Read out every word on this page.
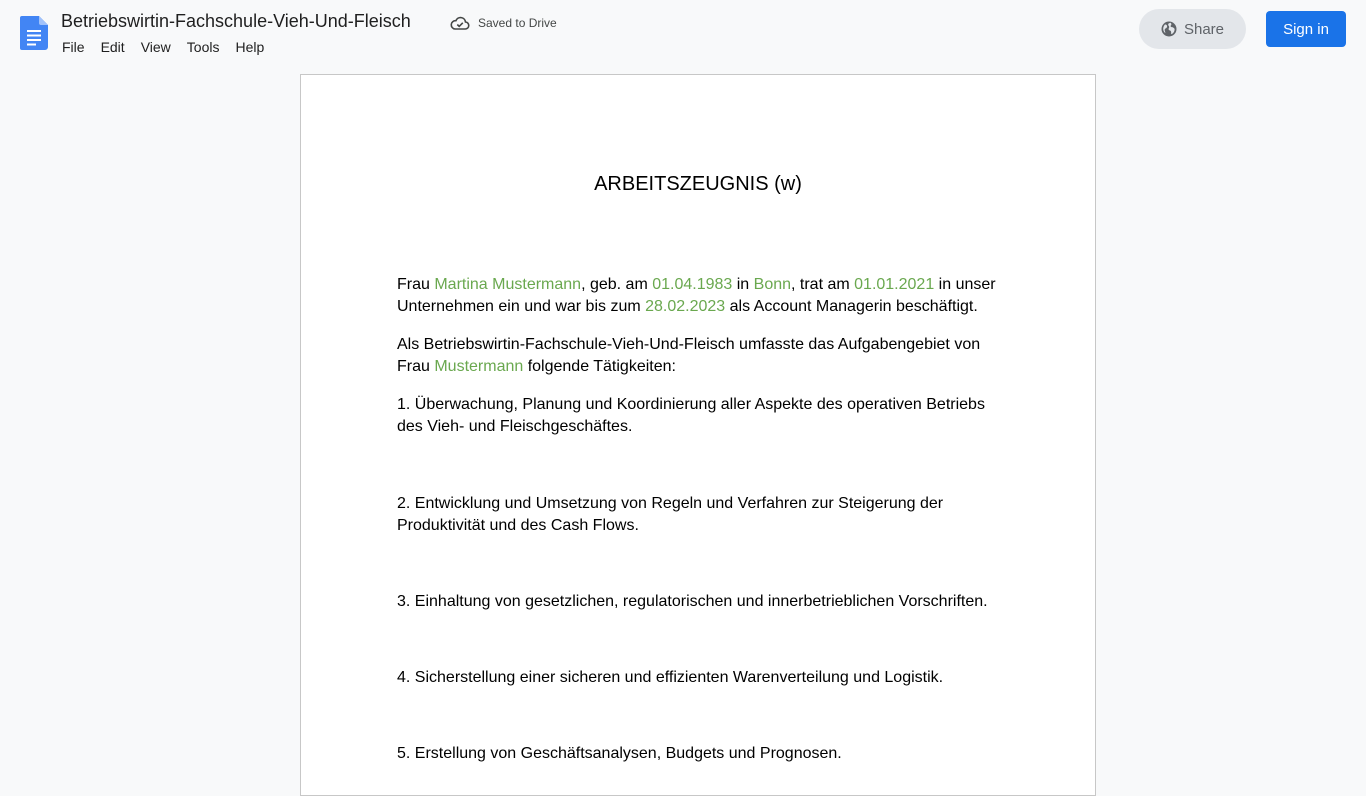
Betriebswirtin-Fachschule-Vieh-Und-Fleisch	Saved to Drive
File	Edit	View	Tools	Help
Share	Sign in
ARBEITSZEUGNIS (w)

Frau Martina Mustermann, geb. am 01.04.1983 in Bonn, trat am 01.01.2021 in unser Unternehmen ein und war bis zum 28.02.2023 als Account Managerin beschäftigt.

Als Betriebswirtin-Fachschule-Vieh-Und-Fleisch umfasste das Aufgabengebiet von Frau Mustermann folgende Tätigkeiten:

1. Überwachung, Planung und Koordinierung aller Aspekte des operativen Betriebs des Vieh- und Fleischgeschäftes.

2. Entwicklung und Umsetzung von Regeln und Verfahren zur Steigerung der Produktivität und des Cash Flows.

3. Einhaltung von gesetzlichen, regulatorischen und innerbetrieblichen Vorschriften.

4. Sicherstellung einer sicheren und effizienten Warenverteilung und Logistik.

5. Erstellung von Geschäftsanalysen, Budgets und Prognosen.
